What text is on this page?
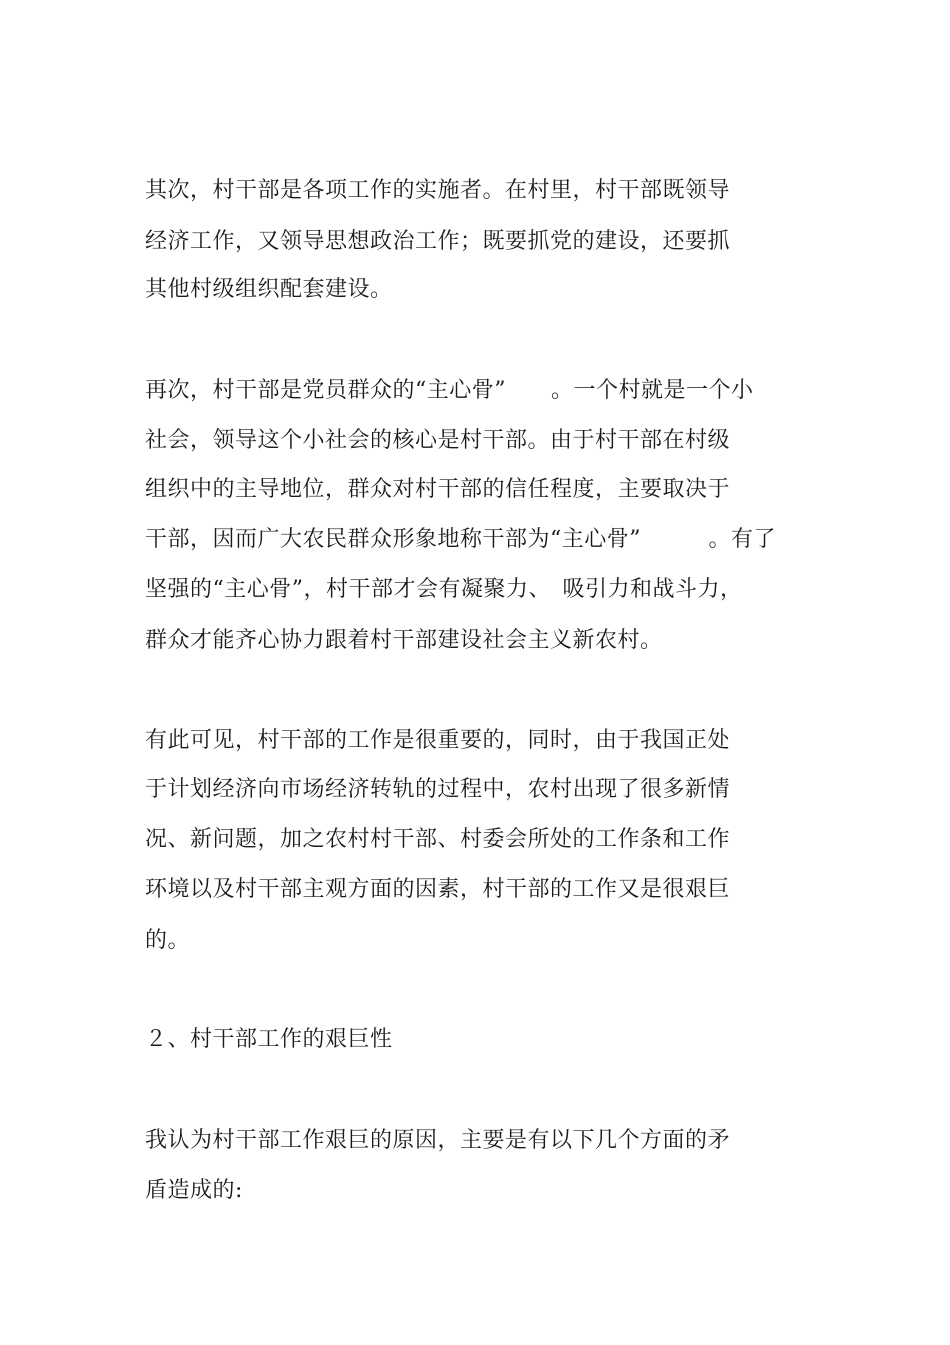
其次，村干部是各项工作的实施者。在村里，村干部既领导
经济工作，又领导思想政治工作；既要抓党的建设，还要抓
其他村级组织配套建设。
再次，村干部是党员群众的“主心骨”　　。一个村就是一个小
社会，领导这个小社会的核心是村干部。由于村干部在村级
组织中的主导地位，群众对村干部的信任程度，主要取决于
干部，因而广大农民群众形象地称干部为“主心骨”　　　。有了
坚强的“主心骨”，村干部才会有凝聚力、　吸引力和战斗力，
群众才能齐心协力跟着村干部建设社会主义新农村。
有此可见，村干部的工作是很重要的，同时，由于我国正处
于计划经济向市场经济转轨的过程中，农村出现了很多新情
况、新问题，加之农村村干部、村委会所处的工作条和工作
环境以及村干部主观方面的因素，村干部的工作又是很艰巨
的。
２、村干部工作的艰巨性
我认为村干部工作艰巨的原因，主要是有以下几个方面的矛
盾造成的:
